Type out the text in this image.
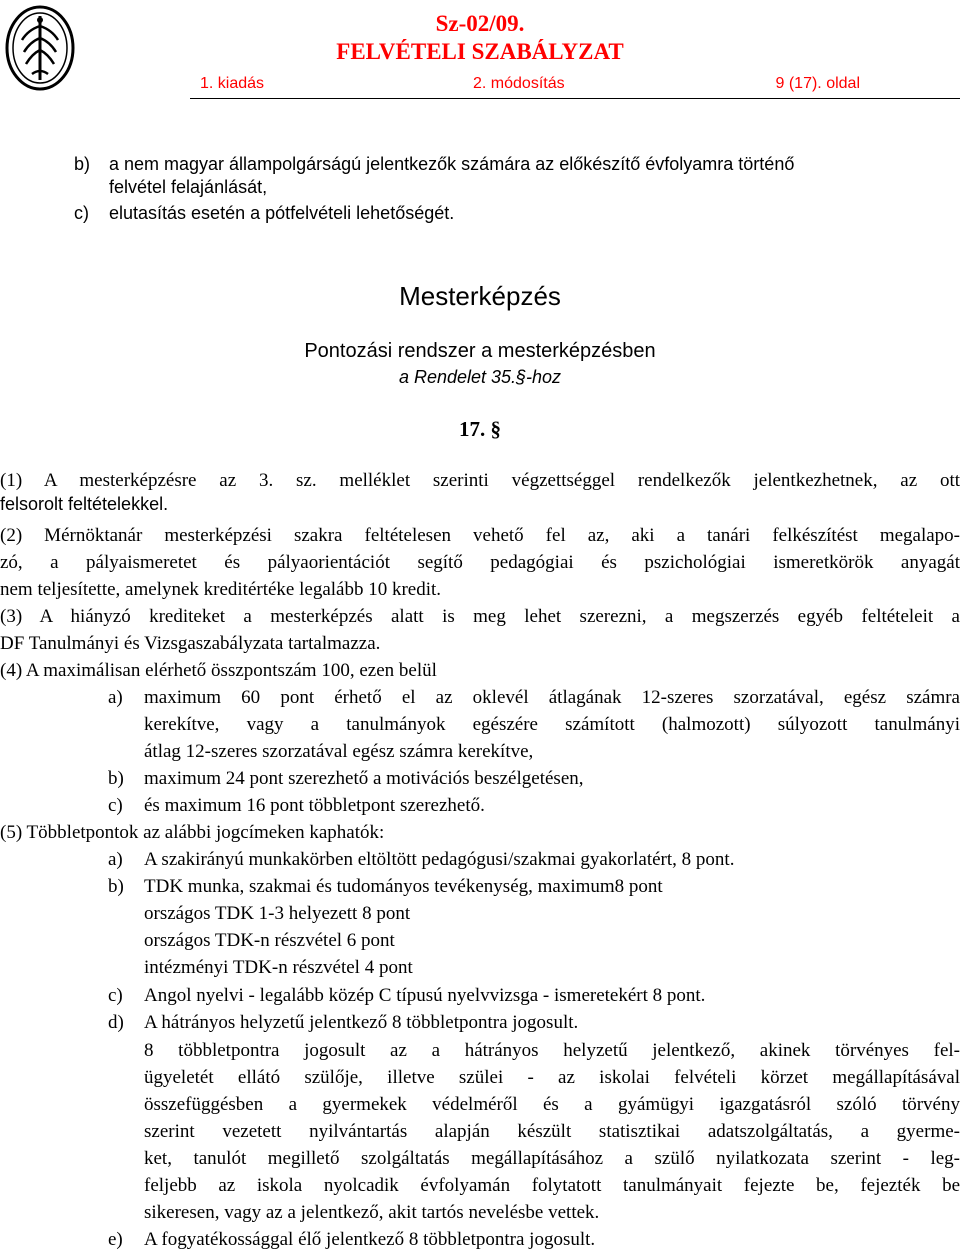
Sz-02/09.
FELVÉTELI SZABÁLYZAT
1. kiadás	2. módosítás	9 (17). oldal
b) a nem magyar állampolgárságú jelentkezők számára az előkészítő évfolyamra történő
felvétel felajánlását,
c) elutasítás esetén a pótfelvételi lehetőségét.
Mesterképzés
Pontozási rendszer a mesterképzésben
a Rendelet 35.§-hoz
17. §
(1) A mesterképzésre az 3. sz. melléklet szerinti végzettséggel rendelkezők jelentkezhetnek, az ott
felsorolt feltételekkel.
(2) Mérnöktanár mesterképzési szakra feltételesen vehető fel az, aki a tanári felkészítést megalapo-
zó, a pályaismeretet és pályaorientációt segítő pedagógiai és pszichológiai ismeretkörök anyagát
nem teljesítette, amelynek kreditértéke legalább 10 kredit.
(3) A hiányzó krediteket a mesterképzés alatt is meg lehet szerezni, a megszerzés egyéb feltételeit a
DF Tanulmányi és Vizsgaszabályzata tartalmazza.
(4) A maximálisan elérhető összpontszám 100, ezen belül
a) maximum 60 pont érhető el az oklevél átlagának 12-szeres szorzatával, egész számra
kerekítve, vagy a tanulmányok egészére számított (halmozott) súlyozott tanulmányi
átlag 12-szeres szorzatával egész számra kerekítve,
b) maximum 24 pont szerezhető a motivációs beszélgetésen,
c) és maximum 16 pont többletpont szerezhető.
(5) Többletpontok az alábbi jogcímeken kaphatók:
a) A szakirányú munkakörben eltöltött pedagógusi/szakmai gyakorlatért, 8 pont.
b) TDK munka, szakmai és tudományos tevékenység, maximum8 pont
országos TDK 1-3 helyezett 8 pont
országos TDK-n részvétel 6 pont
intézményi TDK-n részvétel 4 pont
c) Angol nyelvi - legalább közép C típusú nyelvvizsga - ismeretekért 8 pont.
d) A hátrányos helyzetű jelentkező 8 többletpontra jogosult.
8 többletpontra jogosult az a hátrányos helyzetű jelentkező, akinek törvényes fel-
ügyeletét ellátó szülője, illetve szülei - az iskolai felvételi körzet megállapításával
összefüggésben a gyermekek védelméről és a gyámügyi igazgatásról szóló törvény
szerint vezetett nyilvántartás alapján készült statisztikai adatszolgáltatás, a gyerme-
ket, tanulót megillető szolgáltatás megállapításához a szülő nyilatkozata szerint - leg-
feljebb az iskola nyolcadik évfolyamán folytatott tanulmányait fejezte be, fejezték be
sikeresen, vagy az a jelentkező, akit tartós nevelésbe vettek.
e) A fogyatékossággal élő jelentkező 8 többletpontra jogosult.
